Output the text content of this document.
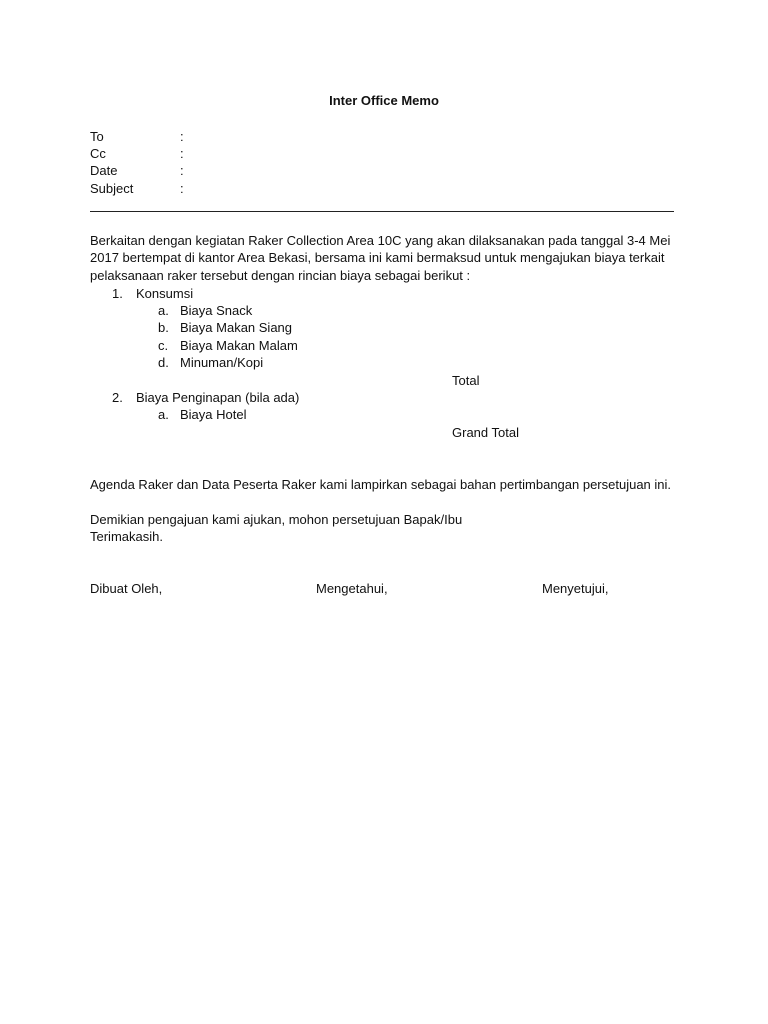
Inter Office Memo
To	:
Cc	:
Date	:
Subject	:
Berkaitan dengan kegiatan Raker Collection Area 10C yang akan dilaksanakan pada tanggal 3-4 Mei
2017 bertempat di kantor Area Bekasi, bersama ini kami bermaksud untuk mengajukan biaya terkait
pelaksanaan raker tersebut dengan rincian biaya sebagai berikut :
1. Konsumsi
a. Biaya Snack
b. Biaya Makan Siang
c. Biaya Makan Malam
d. Minuman/Kopi
Total
2. Biaya Penginapan (bila ada)
a. Biaya Hotel
Grand Total
Agenda Raker dan Data Peserta Raker kami lampirkan sebagai bahan pertimbangan persetujuan ini.
Demikian pengajuan kami ajukan, mohon persetujuan Bapak/Ibu
Terimakasih.
Dibuat Oleh,	Mengetahui,	Menyetujui,
